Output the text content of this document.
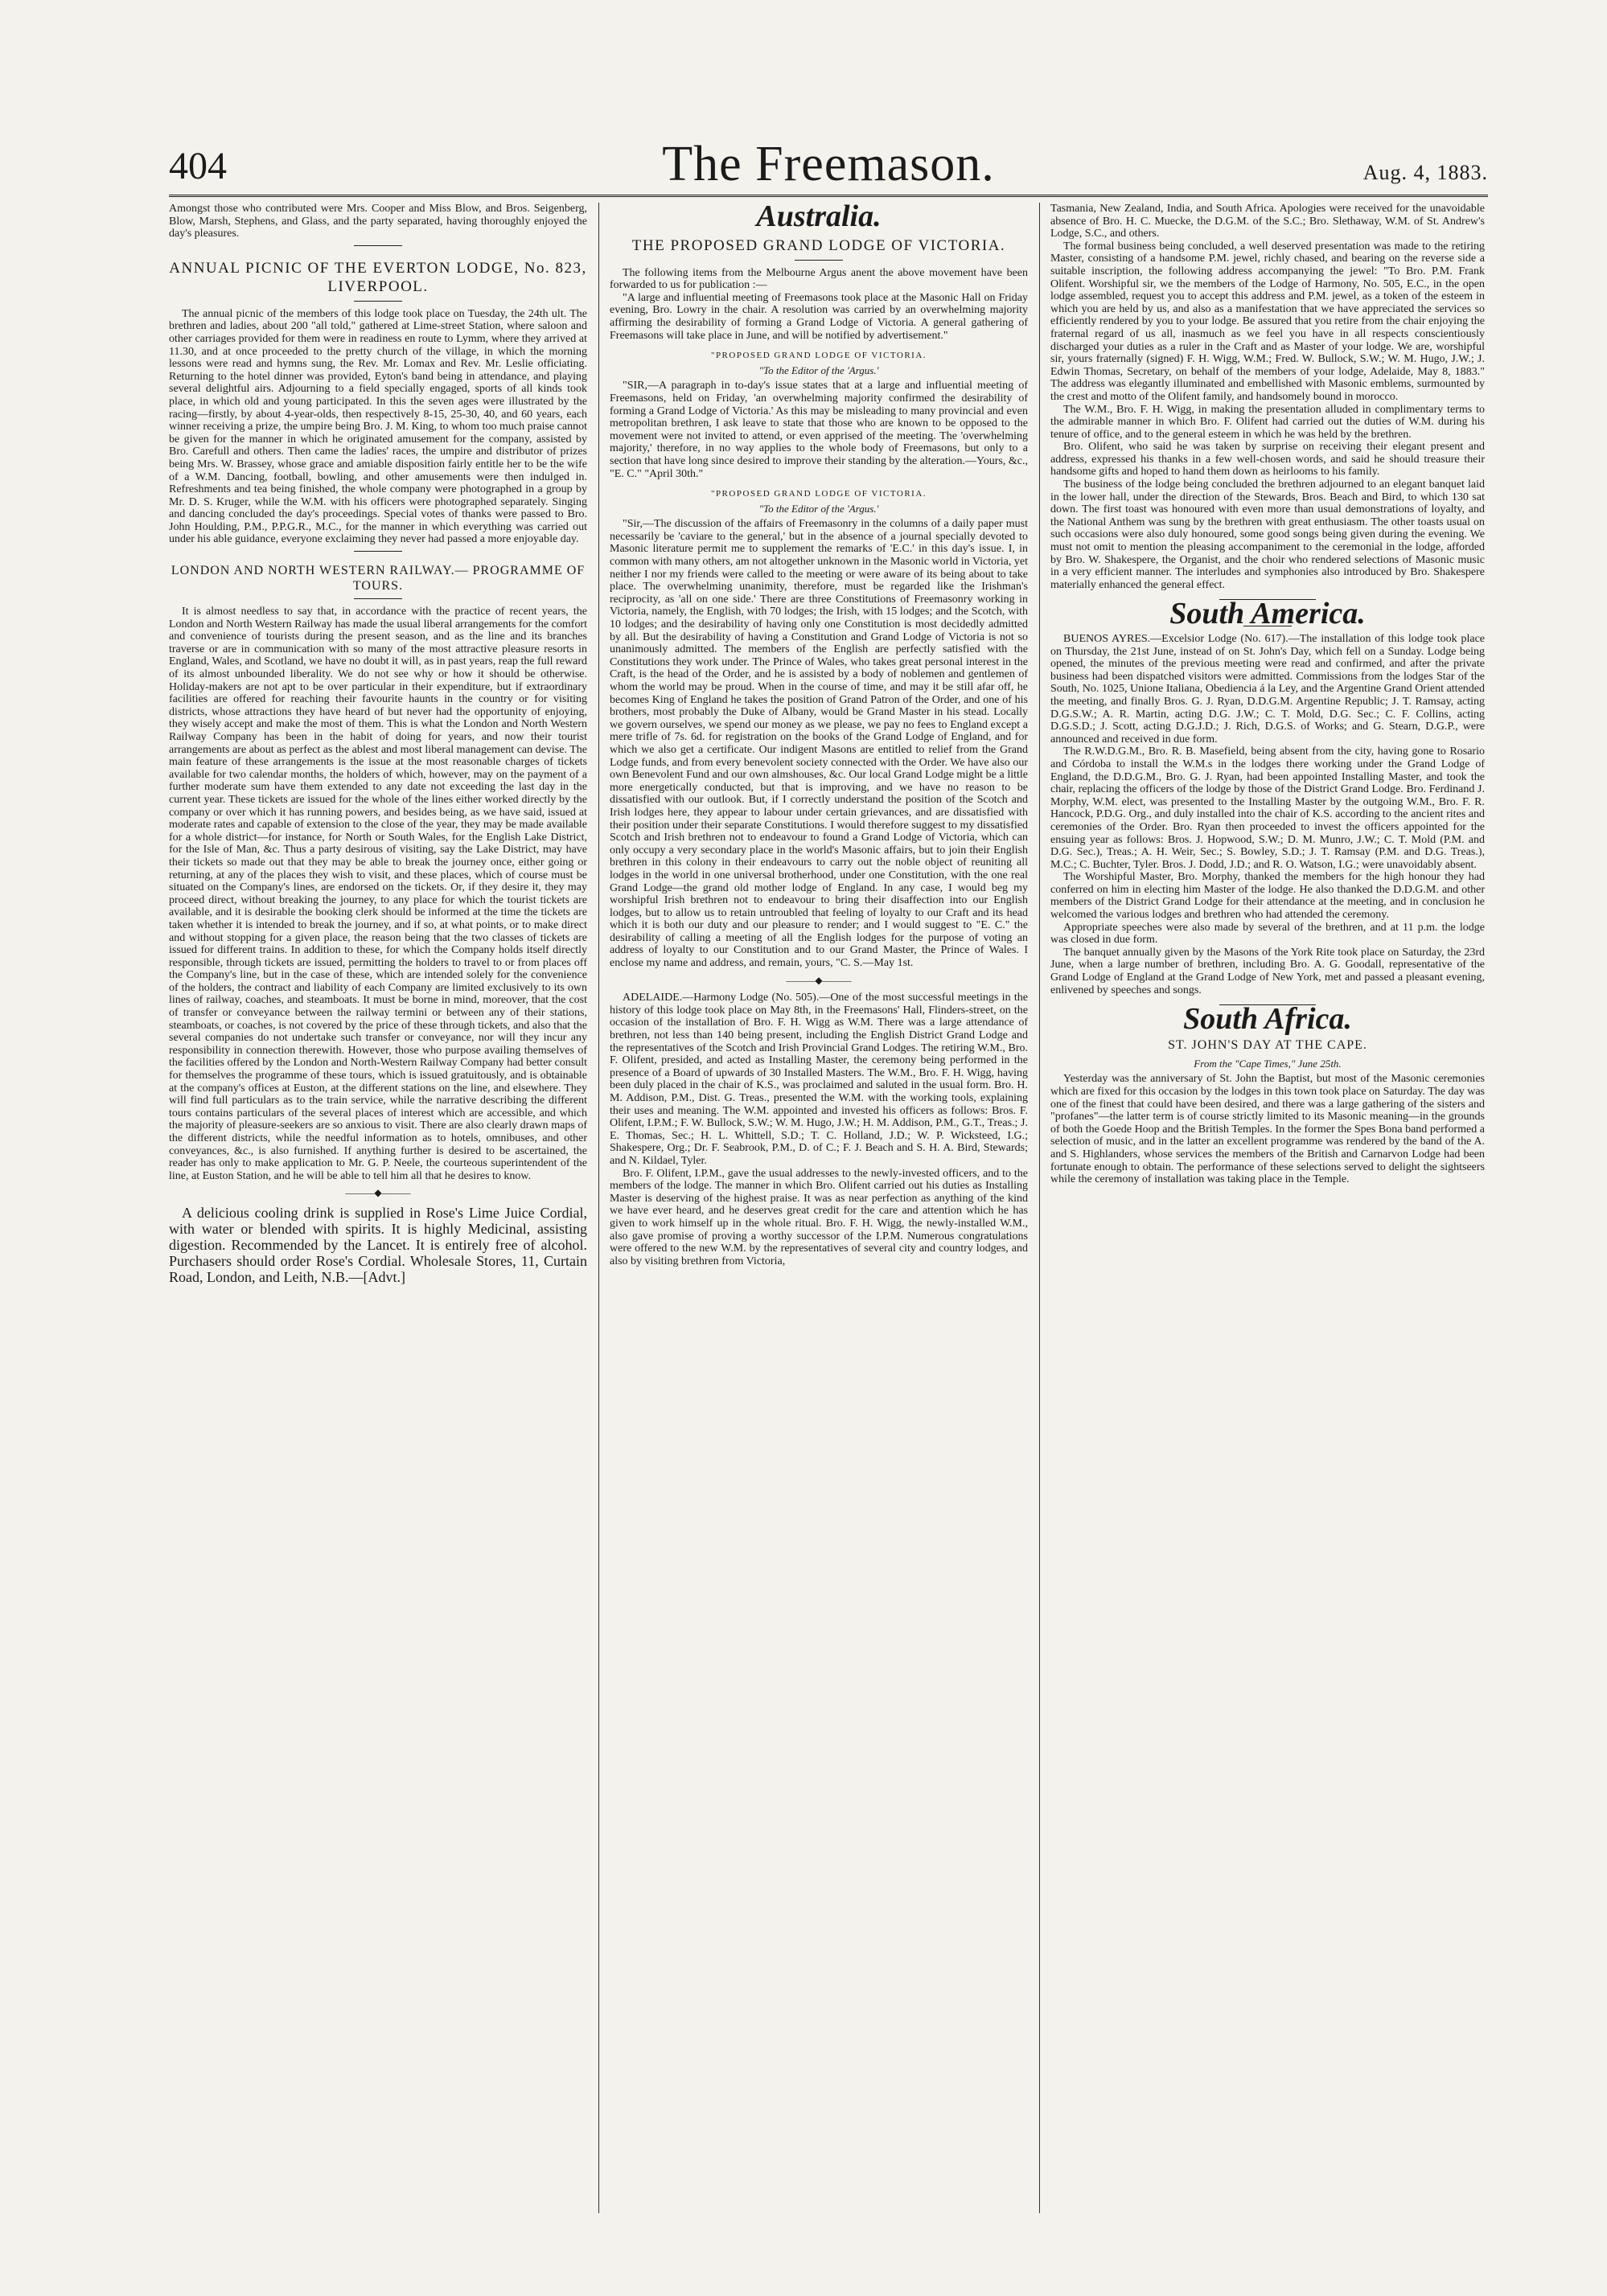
404	The Freemason.	Aug. 4, 1883.

Amongst those who contributed were Mrs. Cooper and Miss Blow, and Bros. Seigenberg, Blow, Marsh, Stephens, and Glass, and the party separated, having thoroughly enjoyed the day's pleasures.

ANNUAL PICNIC OF THE EVERTON LODGE, No. 823, LIVERPOOL.

The annual picnic of the members of this lodge took place on Tuesday, the 24th ult. The brethren and ladies, about 200 "all told," gathered at Lime-street Station, where saloon and other carriages provided for them were in readiness en route to Lymm, where they arrived at 11.30, and at once proceeded to the pretty church of the village, in which the morning lessons were read and hymns sung, the Rev. Mr. Lomax and Rev. Mr. Leslie officiating. Returning to the hotel dinner was provided, Eyton's band being in attendance, and playing several delightful airs. Adjourning to a field specially engaged, sports of all kinds took place, in which old and young participated. In this the seven ages were illustrated by the racing—firstly, by about 4-year-olds, then respectively 8-15, 25-30, 40, and 60 years, each winner receiving a prize, the umpire being Bro. J. M. King, to whom too much praise cannot be given for the manner in which he originated amusement for the company, assisted by Bro. Carefull and others. Then came the ladies' races, the umpire and distributor of prizes being Mrs. W. Brassey, whose grace and amiable disposition fairly entitle her to be the wife of a W.M. Dancing, football, bowling, and other amusements were then indulged in. Refreshments and tea being finished, the whole company were photographed in a group by Mr. D. S. Kruger, while the W.M. with his officers were photographed separately. Singing and dancing concluded the day's proceedings. Special votes of thanks were passed to Bro. John Houlding, P.M., P.P.G.R., M.C., for the manner in which everything was carried out under his able guidance, everyone exclaiming they never had passed a more enjoyable day.

LONDON AND NORTH WESTERN RAILWAY.— PROGRAMME OF TOURS.

It is almost needless to say that, in accordance with the practice of recent years, the London and North Western Railway has made the usual liberal arrangements for the comfort and convenience of tourists during the present season, and as the line and its branches traverse or are in communication with so many of the most attractive pleasure resorts in England, Wales, and Scotland, we have no doubt it will, as in past years, reap the full reward of its almost unbounded liberality. We do not see why or how it should be otherwise. Holiday-makers are not apt to be over particular in their expenditure, but if extraordinary facilities are offered for reaching their favourite haunts in the country or for visiting districts, whose attractions they have heard of but never had the opportunity of enjoying, they wisely accept and make the most of them. This is what the London and North Western Railway Company has been in the habit of doing for years, and now their tourist arrangements are about as perfect as the ablest and most liberal management can devise. The main feature of these arrangements is the issue at the most reasonable charges of tickets available for two calendar months, the holders of which, however, may on the payment of a further moderate sum have them extended to any date not exceeding the last day in the current year. These tickets are issued for the whole of the lines either worked directly by the company or over which it has running powers, and besides being, as we have said, issued at moderate rates and capable of extension to the close of the year, they may be made available for a whole district—for instance, for North or South Wales, for the English Lake District, for the Isle of Man, &c. Thus a party desirous of visiting, say the Lake District, may have their tickets so made out that they may be able to break the journey once, either going or returning, at any of the places they wish to visit, and these places, which of course must be situated on the Company's lines, are endorsed on the tickets. Or, if they desire it, they may proceed direct, without breaking the journey, to any place for which the tourist tickets are available, and it is desirable the booking clerk should be informed at the time the tickets are taken whether it is intended to break the journey, and if so, at what points, or to make direct and without stopping for a given place, the reason being that the two classes of tickets are issued for different trains. In addition to these, for which the Company holds itself directly responsible, through tickets are issued, permitting the holders to travel to or from places off the Company's line, but in the case of these, which are intended solely for the convenience of the holders, the contract and liability of each Company are limited exclusively to its own lines of railway, coaches, and steamboats. It must be borne in mind, moreover, that the cost of transfer or conveyance between the railway termini or between any of their stations, steamboats, or coaches, is not covered by the price of these through tickets, and also that the several companies do not undertake such transfer or conveyance, nor will they incur any responsibility in connection therewith. However, those who purpose availing themselves of the facilities offered by the London and North-Western Railway Company had better consult for themselves the programme of these tours, which is issued gratuitously, and is obtainable at the company's offices at Euston, at the different stations on the line, and elsewhere. They will find full particulars as to the train service, while the narrative describing the different tours contains particulars of the several places of interest which are accessible, and which the majority of pleasure-seekers are so anxious to visit. There are also clearly drawn maps of the different districts, while the needful information as to hotels, omnibuses, and other conveyances, &c., is also furnished. If anything further is desired to be ascertained, the reader has only to make application to Mr. G. P. Neele, the courteous superintendent of the line, at Euston Station, and he will be able to tell him all that he desires to know.

———◆———

A delicious cooling drink is supplied in Rose's Lime Juice Cordial, with water or blended with spirits. It is highly Medicinal, assisting digestion. Recommended by the Lancet. It is entirely free of alcohol. Purchasers should order Rose's Cordial. Wholesale Stores, 11, Curtain Road, London, and Leith, N.B.—[Advt.]

Australia.
THE PROPOSED GRAND LODGE OF VICTORIA.

The following items from the Melbourne Argus anent the above movement have been forwarded to us for publication :—

"A large and influential meeting of Freemasons took place at the Masonic Hall on Friday evening, Bro. Lowry in the chair. A resolution was carried by an overwhelming majority affirming the desirability of forming a Grand Lodge of Victoria. A general gathering of Freemasons will take place in June, and will be notified by advertisement."

"PROPOSED GRAND LODGE OF VICTORIA.
"To the Editor of the 'Argus.'

"SIR,—A paragraph in to-day's issue states that at a large and influential meeting of Freemasons, held on Friday, 'an overwhelming majority confirmed the desirability of forming a Grand Lodge of Victoria.' As this may be misleading to many provincial and even metropolitan brethren, I ask leave to state that those who are known to be opposed to the movement were not invited to attend, or even apprised of the meeting. The 'overwhelming majority,' therefore, in no way applies to the whole body of Freemasons, but only to a section that have long since desired to improve their standing by the alteration.—Yours, &c., "E. C." "April 30th."

"PROPOSED GRAND LODGE OF VICTORIA.
"To the Editor of the 'Argus.'

"Sir,—The discussion of the affairs of Freemasonry in the columns of a daily paper must necessarily be 'caviare to the general,' but in the absence of a journal specially devoted to Masonic literature permit me to supplement the remarks of 'E.C.' in this day's issue. I, in common with many others, am not altogether unknown in the Masonic world in Victoria, yet neither I nor my friends were called to the meeting or were aware of its being about to take place. The overwhelming unanimity, therefore, must be regarded like the Irishman's reciprocity, as 'all on one side.' There are three Constitutions of Freemasonry working in Victoria, namely, the English, with 70 lodges; the Irish, with 15 lodges; and the Scotch, with 10 lodges; and the desirability of having only one Constitution is most decidedly admitted by all. But the desirability of having a Constitution and Grand Lodge of Victoria is not so unanimously admitted. The members of the English are perfectly satisfied with the Constitutions they work under. The Prince of Wales, who takes great personal interest in the Craft, is the head of the Order, and he is assisted by a body of noblemen and gentlemen of whom the world may be proud. When in the course of time, and may it be still afar off, he becomes King of England he takes the position of Grand Patron of the Order, and one of his brothers, most probably the Duke of Albany, would be Grand Master in his stead. Locally we govern ourselves, we spend our money as we please, we pay no fees to England except a mere trifle of 7s. 6d. for registration on the books of the Grand Lodge of England, and for which we also get a certificate. Our indigent Masons are entitled to relief from the Grand Lodge funds, and from every benevolent society connected with the Order. We have also our own Benevolent Fund and our own almshouses, &c. Our local Grand Lodge might be a little more energetically conducted, but that is improving, and we have no reason to be dissatisfied with our outlook. But, if I correctly understand the position of the Scotch and Irish lodges here, they appear to labour under certain grievances, and are dissatisfied with their position under their separate Constitutions. I would therefore suggest to my dissatisfied Scotch and Irish brethren not to endeavour to found a Grand Lodge of Victoria, which can only occupy a very secondary place in the world's Masonic affairs, but to join their English brethren in this colony in their endeavours to carry out the noble object of reuniting all lodges in the world in one universal brotherhood, under one Constitution, with the one real Grand Lodge—the grand old mother lodge of England. In any case, I would beg my worshipful Irish brethren not to endeavour to bring their disaffection into our English lodges, but to allow us to retain untroubled that feeling of loyalty to our Craft and its head which it is both our duty and our pleasure to render; and I would suggest to "E. C." the desirability of calling a meeting of all the English lodges for the purpose of voting an address of loyalty to our Constitution and to our Grand Master, the Prince of Wales. I enclose my name and address, and remain, yours, "C. S.—May 1st.

———◆———

ADELAIDE.—Harmony Lodge (No. 505).—One of the most successful meetings in the history of this lodge took place on May 8th, in the Freemasons' Hall, Flinders-street, on the occasion of the installation of Bro. F. H. Wigg as W.M. There was a large attendance of brethren, not less than 140 being present, including the English District Grand Lodge and the representatives of the Scotch and Irish Provincial Grand Lodges. The retiring W.M., Bro. F. Olifent, presided, and acted as Installing Master, the ceremony being performed in the presence of a Board of upwards of 30 Installed Masters. The W.M., Bro. F. H. Wigg, having been duly placed in the chair of K.S., was proclaimed and saluted in the usual form. Bro. H. M. Addison, P.M., Dist. G. Treas., presented the W.M. with the working tools, explaining their uses and meaning. The W.M. appointed and invested his officers as follows: Bros. F. Olifent, I.P.M.; F. W. Bullock, S.W.; W. M. Hugo, J.W.; H. M. Addison, P.M., G.T., Treas.; J. E. Thomas, Sec.; H. L. Whittell, S.D.; T. C. Holland, J.D.; W. P. Wicksteed, I.G.; Shakespere, Org.; Dr. F. Seabrook, P.M., D. of C.; F. J. Beach and S. H. A. Bird, Stewards; and N. Kildael, Tyler.

Bro. F. Olifent, I.P.M., gave the usual addresses to the newly-invested officers, and to the members of the lodge. The manner in which Bro. Olifent carried out his duties as Installing Master is deserving of the highest praise. It was as near perfection as anything of the kind we have ever heard, and he deserves great credit for the care and attention which he has given to work himself up in the whole ritual. Bro. F. H. Wigg, the newly-installed W.M., also gave promise of proving a worthy successor of the I.P.M. Numerous congratulations were offered to the new W.M. by the representatives of several city and country lodges, and also by visiting brethren from Victoria,

Tasmania, New Zealand, India, and South Africa. Apologies were received for the unavoidable absence of Bro. H. C. Muecke, the D.G.M. of the S.C.; Bro. Slethaway, W.M. of St. Andrew's Lodge, S.C., and others.

The formal business being concluded, a well deserved presentation was made to the retiring Master, consisting of a handsome P.M. jewel, richly chased, and bearing on the reverse side a suitable inscription, the following address accompanying the jewel: "To Bro. P.M. Frank Olifent. Worshipful sir, we the members of the Lodge of Harmony, No. 505, E.C., in the open lodge assembled, request you to accept this address and P.M. jewel, as a token of the esteem in which you are held by us, and also as a manifestation that we have appreciated the services so efficiently rendered by you to your lodge. Be assured that you retire from the chair enjoying the fraternal regard of us all, inasmuch as we feel you have in all respects conscientiously discharged your duties as a ruler in the Craft and as Master of your lodge. We are, worshipful sir, yours fraternally (signed) F. H. Wigg, W.M.; Fred. W. Bullock, S.W.; W. M. Hugo, J.W.; J. Edwin Thomas, Secretary, on behalf of the members of your lodge, Adelaide, May 8, 1883." The address was elegantly illuminated and embellished with Masonic emblems, surmounted by the crest and motto of the Olifent family, and handsomely bound in morocco.

The W.M., Bro. F. H. Wigg, in making the presentation alluded in complimentary terms to the admirable manner in which Bro. F. Olifent had carried out the duties of W.M. during his tenure of office, and to the general esteem in which he was held by the brethren.

Bro. Olifent, who said he was taken by surprise on receiving their elegant present and address, expressed his thanks in a few well-chosen words, and said he should treasure their handsome gifts and hoped to hand them down as heirlooms to his family.

The business of the lodge being concluded the brethren adjourned to an elegant banquet laid in the lower hall, under the direction of the Stewards, Bros. Beach and Bird, to which 130 sat down. The first toast was honoured with even more than usual demonstrations of loyalty, and the National Anthem was sung by the brethren with great enthusiasm. The other toasts usual on such occasions were also duly honoured, some good songs being given during the evening. We must not omit to mention the pleasing accompaniment to the ceremonial in the lodge, afforded by Bro. W. Shakespere, the Organist, and the choir who rendered selections of Masonic music in a very efficient manner. The interludes and symphonies also introduced by Bro. Shakespere materially enhanced the general effect.

South America.

BUENOS AYRES.—Excelsior Lodge (No. 617).—The installation of this lodge took place on Thursday, the 21st June, instead of on St. John's Day, which fell on a Sunday. Lodge being opened, the minutes of the previous meeting were read and confirmed, and after the private business had been dispatched visitors were admitted. Commissions from the lodges Star of the South, No. 1025, Unione Italiana, Obediencia á la Ley, and the Argentine Grand Orient attended the meeting, and finally Bros. G. J. Ryan, D.D.G.M. Argentine Republic; J. T. Ramsay, acting D.G.S.W.; A. R. Martin, acting D.G. J.W.; C. T. Mold, D.G. Sec.; C. F. Collins, acting D.G.S.D.; J. Scott, acting D.G.J.D.; J. Rich, D.G.S. of Works; and G. Stearn, D.G.P., were announced and received in due form.

The R.W.D.G.M., Bro. R. B. Masefield, being absent from the city, having gone to Rosario and Córdoba to install the W.M.s in the lodges there working under the Grand Lodge of England, the D.D.G.M., Bro. G. J. Ryan, had been appointed Installing Master, and took the chair, replacing the officers of the lodge by those of the District Grand Lodge. Bro. Ferdinand J. Morphy, W.M. elect, was presented to the Installing Master by the outgoing W.M., Bro. F. R. Hancock, P.D.G. Org., and duly installed into the chair of K.S. according to the ancient rites and ceremonies of the Order. Bro. Ryan then proceeded to invest the officers appointed for the ensuing year as follows: Bros. J. Hopwood, S.W.; D. M. Munro, J.W.; C. T. Mold (P.M. and D.G. Sec.), Treas.; A. H. Weir, Sec.; S. Bowley, S.D.; J. T. Ramsay (P.M. and D.G. Treas.), M.C.; C. Buchter, Tyler. Bros. J. Dodd, J.D.; and R. O. Watson, I.G.; were unavoidably absent.

The Worshipful Master, Bro. Morphy, thanked the members for the high honour they had conferred on him in electing him Master of the lodge. He also thanked the D.D.G.M. and other members of the District Grand Lodge for their attendance at the meeting, and in conclusion he welcomed the various lodges and brethren who had attended the ceremony.

Appropriate speeches were also made by several of the brethren, and at 11 p.m. the lodge was closed in due form.

The banquet annually given by the Masons of the York Rite took place on Saturday, the 23rd June, when a large number of brethren, including Bro. A. G. Goodall, representative of the Grand Lodge of England at the Grand Lodge of New York, met and passed a pleasant evening, enlivened by speeches and songs.

South Africa.
ST. JOHN'S DAY AT THE CAPE.
From the "Cape Times," June 25th.

Yesterday was the anniversary of St. John the Baptist, but most of the Masonic ceremonies which are fixed for this occasion by the lodges in this town took place on Saturday. The day was one of the finest that could have been desired, and there was a large gathering of the sisters and "profanes"—the latter term is of course strictly limited to its Masonic meaning—in the grounds of both the Goede Hoop and the British Temples. In the former the Spes Bona band performed a selection of music, and in the latter an excellent programme was rendered by the band of the A. and S. Highlanders, whose services the members of the British and Carnarvon Lodge had been fortunate enough to obtain. The performance of these selections served to delight the sightseers while the ceremony of installation was taking place in the Temple.
